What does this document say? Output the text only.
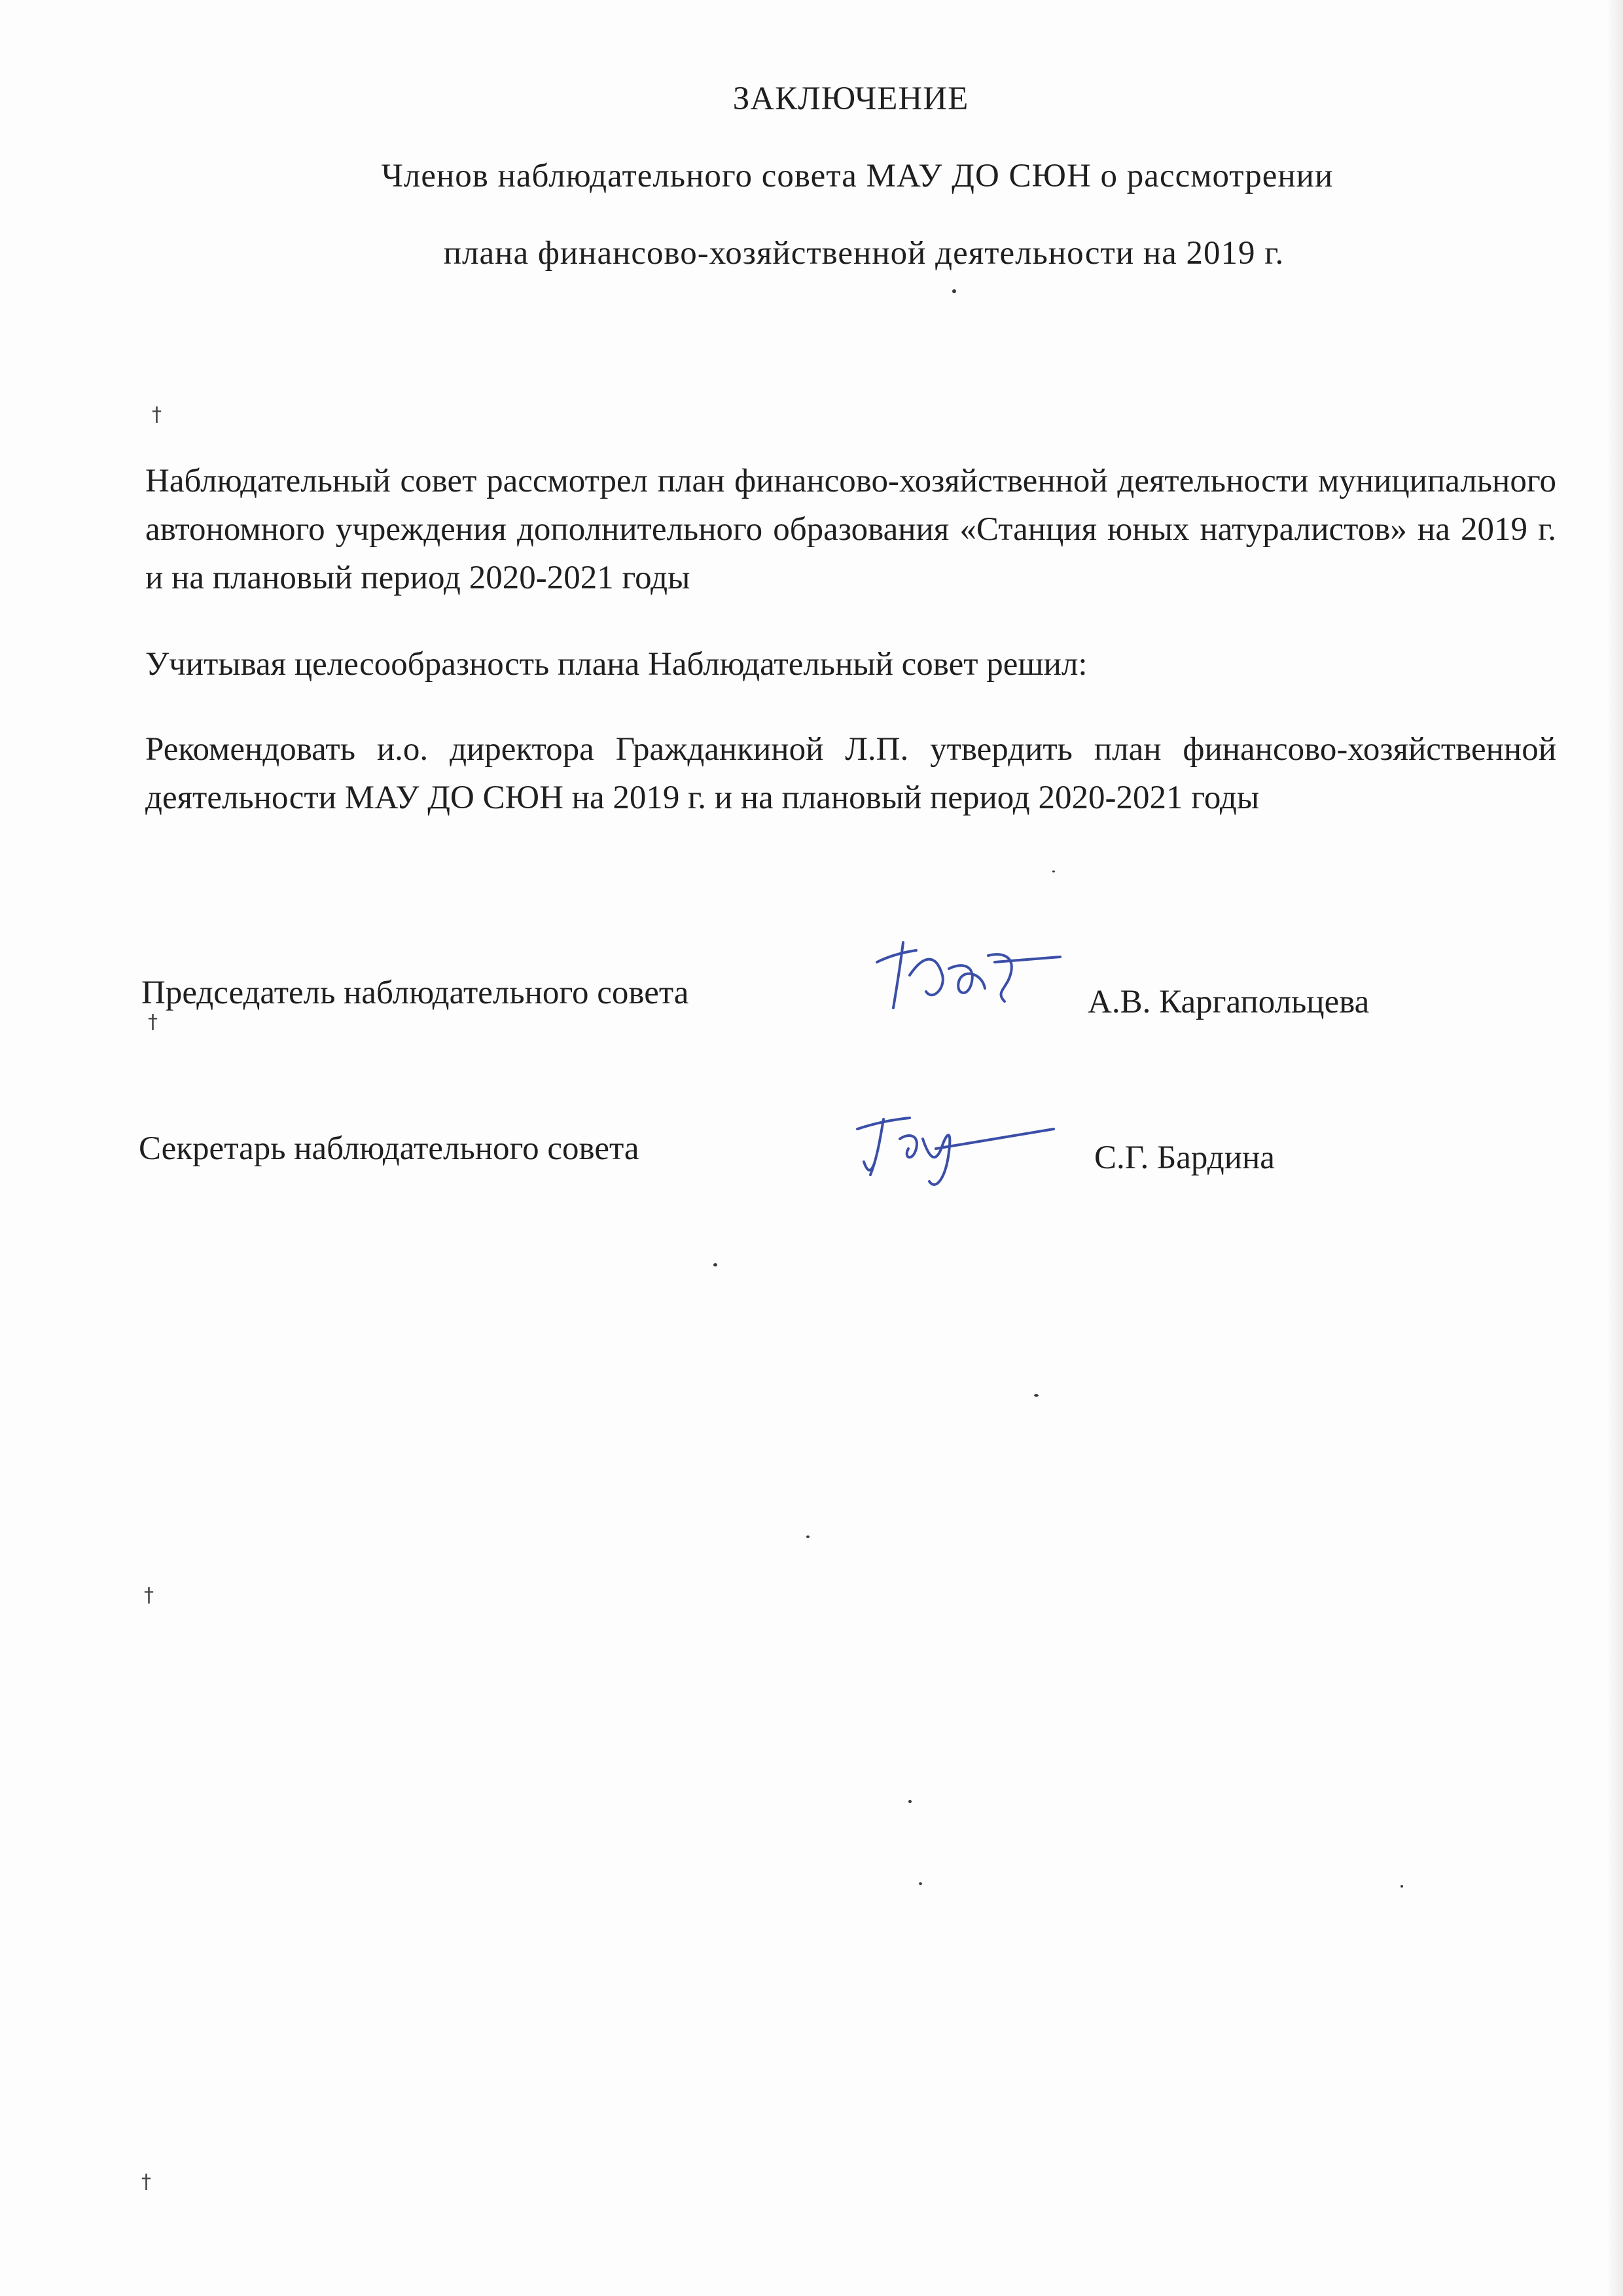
ЗАКЛЮЧЕНИЕ
Членов наблюдательного совета МАУ ДО СЮН о рассмотрении
плана финансово-хозяйственной деятельности на 2019 г.
Наблюдательный совет рассмотрел план финансово-хозяйственной деятельности муниципального автономного учреждения дополнительного образования «Станция юных натуралистов» на 2019 г. и на плановый период 2020-2021 годы
Учитывая целесообразность плана Наблюдательный совет решил:
Рекомендовать и.о. директора Гражданкиной Л.П. утвердить план финансово-хозяйственной деятельности МАУ ДО СЮН на 2019 г. и на плановый период 2020-2021 годы
Председатель наблюдательного совета	А.В. Каргапольцева
Секретарь наблюдательного совета	С.Г. Бардина
†
†
†
†
